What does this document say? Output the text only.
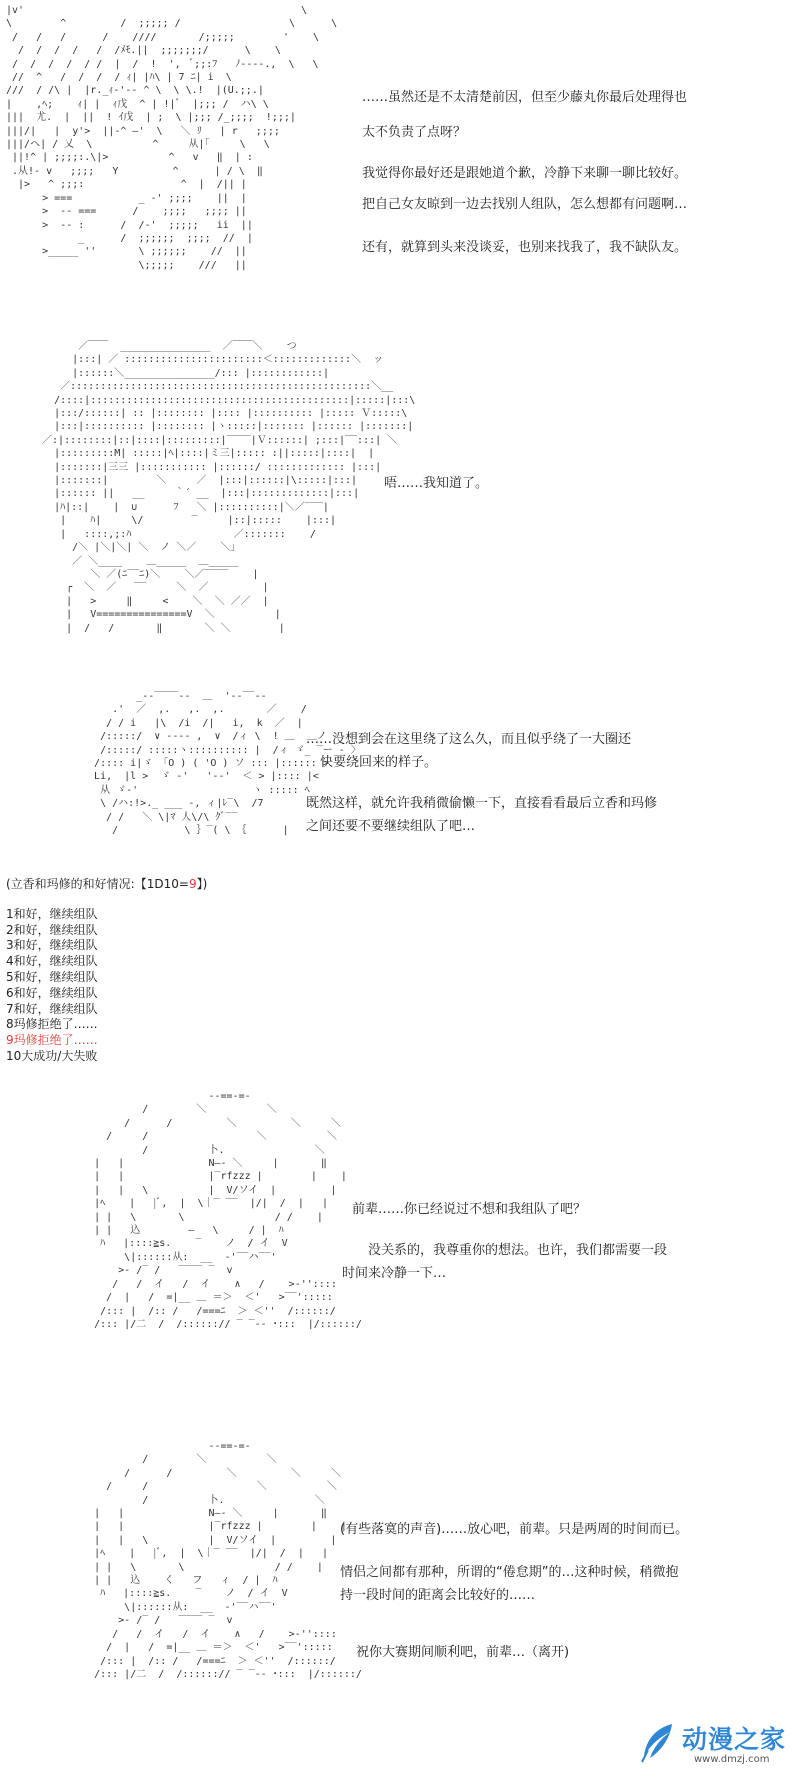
|v'                                              \
\        ^         /  ;;;;; /                  \      \
/   /   /      /    ////       /;;;;;        '    \
/  /  /  /   /  /ﾒﾓ.||  ;;;;;;;/      \    \
/  /  /  /  / /  |  /  !  ',  ﾞ;;:ﾌ   ﾉ----.,  \   \
//  ^   /  /  /  / ｨ| |ﾊ\ | 7 ﾆ| i  \
///  / /\ |  |r._ｨ-'-- ^ \  \ \.!  |(U.;;.|
|    ,ﾍ;    ｨ| |  ｨ戊  ^ | !|ﾞ  |;;; /  ハ\ \
|||  尤.  |  ||  ! ｲ戊  | ;  \ |;;; /_;;;;  !;;;|
|||/|   |  y'>  ||-^ ―'  \   ＼ ﾘ   | r   ;;;;
|||/ヘ| / 乂  \          ^     从|｢     \   \
||!^ | ;;;;:.\|>          ^   v   ‖  | :
.从!- v   ;;;;   Y         ^      | / \  ‖
|>   ^ ;;;:                ^  |  /|| |
> ===           _ -' ;;;;    ||  |
>  -- ===      /    ;;;;   ;;;; ||
>  -- :      /  /-'  ;;;;;   ii  ||
_      /  ;;;;;;  ;;;;  //  |
>_____ ''       \ ;;;;;;    //  ||
\;;;;;    ///   ||

……虽然还是不太清楚前因，但至少藤丸你最后处理得也

太不负责了点呀？

我觉得你最好还是跟她道个歉，冷静下来聊一聊比较好。

把自己女友晾到一边去找别人组队，怎么想都有问题啊…

还有，就算到头来没谈妥，也别来找我了，我不缺队友。

／￣￣  _______________  ／￣￣＼    つ
|:::| ／ :::::::::::::::::::::::＜:::::::::::::＼  ッ
|::::::＼_______________/::: |::::::::::::|
／::::::::::::::::::::::::::::::::::::::::::::::::::＼__
/::::|:::::::::::::::::::::::::::::::::::::::::::|:::::|:::\
|:::/::::::| :: |:::::::: |:::: |:::::::::: |::::: Ｖ:::::\
|:::|:::::::::: |:::::::: |ヽ:::::|::::::: |:::::: |:::::::|
／:|::::::::|::|::::|:::::::::|‾‾‾‾|Ｖ::::::| ;:::|‾‾:::| ＼
|:::::::::M| :::::|ﾍ|::::|ミ三|::::: :||:::::|::::|  |
|:::::::|三三 |::::::::::: |::::::/ ::::::::::::: |:::|
|:::::::|        ＼     ／  |:::|::::::|\:::::|:::|
|:::::: ||   __     ｀´ __  |:::|:::::::::::::|:::|
|ﾊ|::|    |  ∪      ﾌ   ＼ |::::::::::|＼／‾‾‾|
|    ﾊ|     \/        ‾     |::|:::::    |:::|
|   ::::,;:ﾊ                 ／:::::::    /
/＼ |＼|＼| ＼  ノ ＼／    ＼｣
／ ＼____    ＿_____  ＿_____
＼ ／(ﾆ‾‾ﾆ)＼    ＼／‾‾‾‾    |
┌  ＼  ／   ‾‾     ＼  ／         |
|   >     ‖     <    ＼  ＼ ／／  |
|   V===============V  ＼          |
|  /   /       ‖       ＼ ＼        |

唔……我知道了。

_--‾‾‾‾--  ＿  '--‾‾--
.'  ／  ,.   ,.  ,.       ／    /
/ / i   |\  /i  /|   i,  k  ／  |
/:::::/  ∨ -‐‐‐ ,  ∨  /ィ \  ! ＿  ＿ノ
/:::::/ :::::ヽ:::::::::: |  /ィ ゞ_ ‾ー - 〉
/:::: i|ゞ 「O ) ( 'O ) ソ ::: |:::::: >
Li,  |l >  ゞ ‐'   '‐‐'  ＜ > |:::: |<
从 ゞ‐'                   ヽ ::::: ﾍ
\ /ハ:!>._ ___ -, ィ|ﾚ‾\  /7
/ /   ＼ \|ﾏ 人\/\ ｸﾞ‾‾
/           \ ｝‾( \ ｛      |

……没想到会在这里绕了这么久，而且似乎绕了一大圈还

快要绕回来的样子。

既然这样，就允许我稍微偷懒一下，直接看看最后立香和玛修

之间还要不要继续组队了吧…

(立香和玛修的和好情况:【1D10=9】)
1和好，继续组队
2和好，继续组队
3和好，继续组队
4和好，继续组队
5和好，继续组队
6和好，继续组队
7和好，继续组队
8玛修拒绝了……
9玛修拒绝了……
10大成功/大失败
--==-=-
/        ＼          ＼
/      /         ＼         ＼     ＼
/     /                  ＼          ＼
/          卜.               ＼
|   |              N―- ＼     |       ‖
|   |              |‾rfzzz |        |    |
|   |   \          |  V/ソイ  |         |
|ﾍ    |   |ﾞ,  |  \｜‾ ‾‾  |/|  /  |   |
| |   \       \               / /    |
| |   込        ―   \     / |  ﾊ
ﾊ   |::::≧s.    ‾    ノ  / イ  V
\|::::::从:  __  -'‾‾ハ‾‾'
>- /‾ /   ‾‾‾‾ ‾  v
/   /  イ   /  イ    ∧   /    >-''::::
/  |   /  =|__ ＿ ＝＞  ＜'   >‾‾':::::
/::: |  /:: /   /===ﾆ  ＞ ＜''  /::::::/
/::: |/二  /  /::::::// ‾ ‾-- ･:::  |/::::::/

前辈……你已经说过不想和我组队了吧？

没关系的，我尊重你的想法。也许，我们都需要一段

时间来冷静一下…

--==-=-
/        ＼          ＼
/      /         ＼         ＼     ＼
/     /                  ＼          ＼
/          卜.               ＼
|   |              N―- ＼     |       ‖
|   |              |‾rfzzz |        |    |
|   |   \          |  V/ソイ  |         |
|ﾍ    |   |ﾞ,  |  \｜‾ ‾‾  |/|  /  |   |
| |   \       \               / /    |
| |   込    く   フ   ィ  / |  ﾊ
ﾊ   |::::≧s.    ‾    ノ  / イ  V
\|::::::从:  __  -'‾‾ハ‾‾'
>- /‾ /   ‾‾‾‾ ‾  v
/   /  イ   /  イ    ∧   /    >-''::::
/  |   /  =|__ ＿ ＝＞  ＜'   >‾‾':::::
/::: |  /:: /   /===ﾆ  ＞ ＜''  /::::::/
/::: |/二  /  /::::::// ‾ ‾-- ･:::  |/::::::/

(有些落寞的声音)……放心吧，前辈。只是两周的时间而已。

情侣之间都有那种，所谓的“倦怠期”的…这种时候，稍微抱

持一段时间的距离会比较好的……

祝你大赛期间顺利吧，前辈…（离开)

动漫之家
www.dmzj.com
